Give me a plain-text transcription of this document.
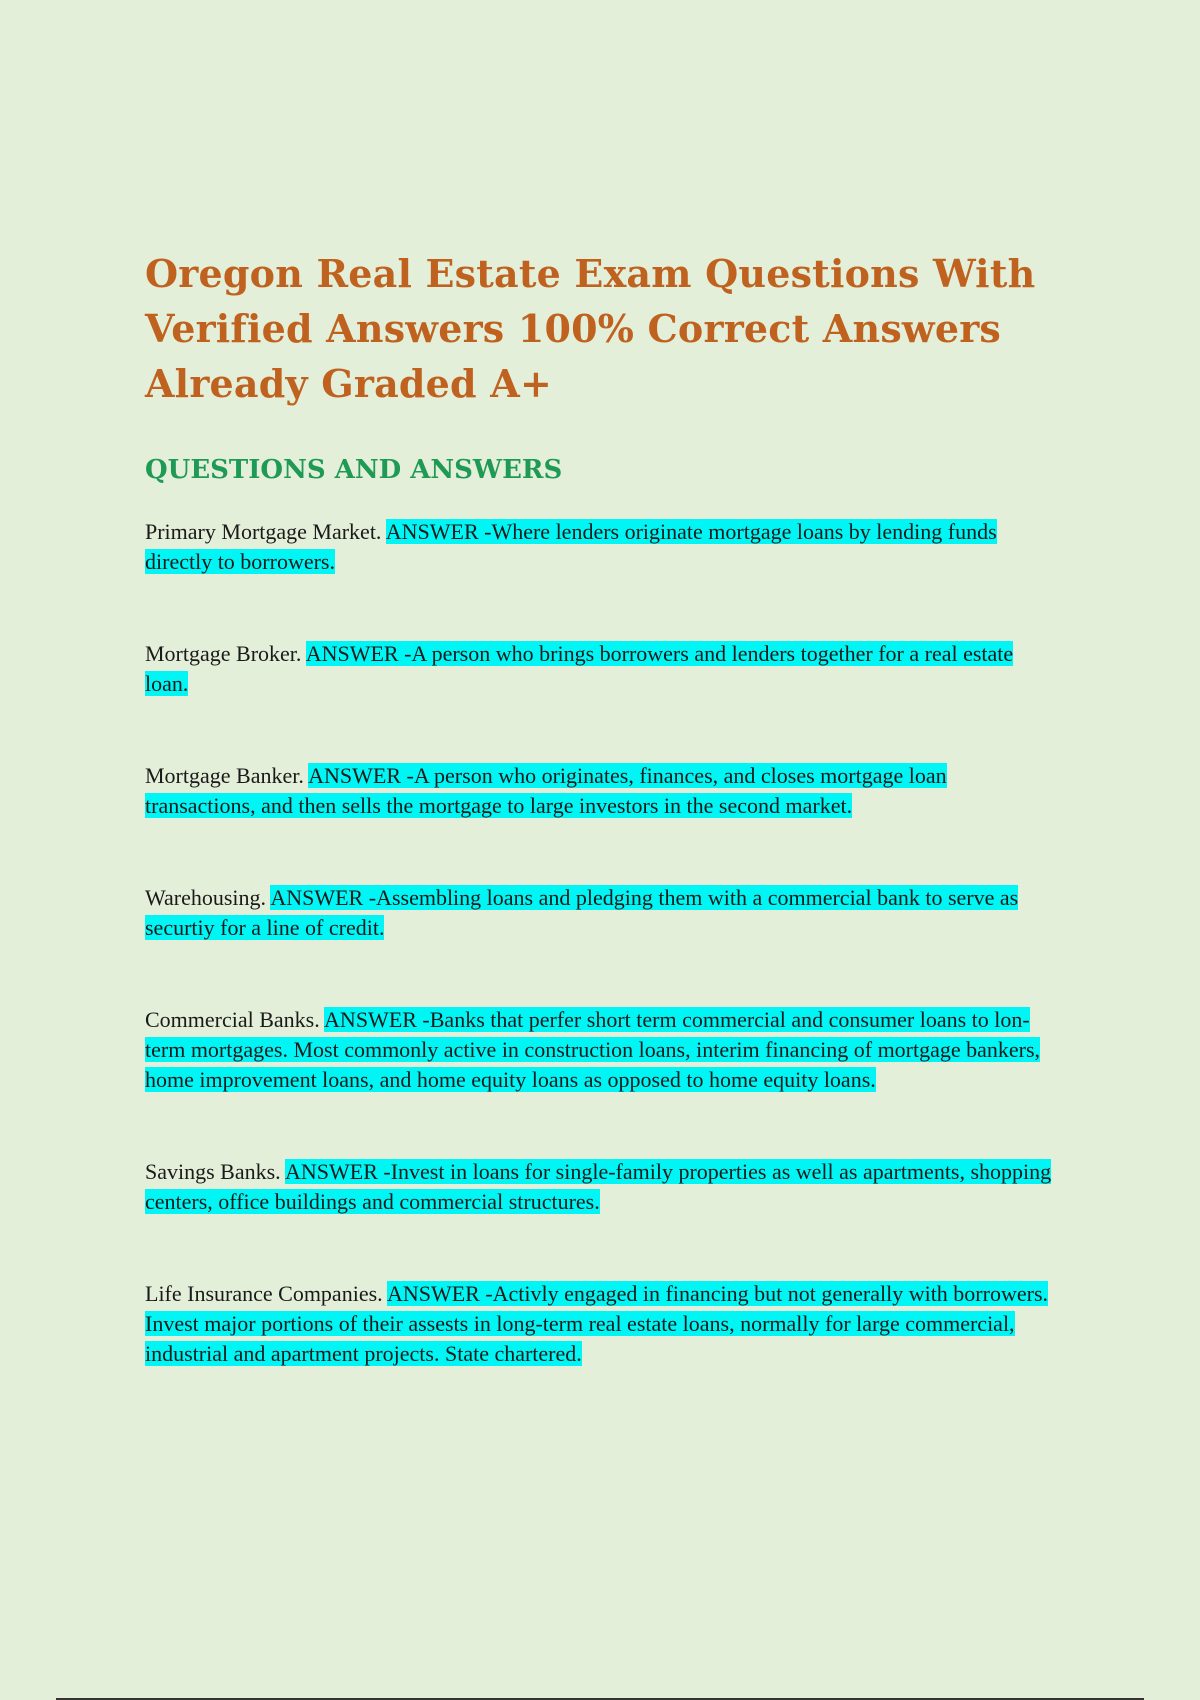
Oregon Real Estate Exam Questions With Verified Answers 100% Correct Answers Already Graded A+
QUESTIONS AND ANSWERS
Primary Mortgage Market. ANSWER -Where lenders originate mortgage loans by lending funds directly to borrowers.
Mortgage Broker. ANSWER -A person who brings borrowers and lenders together for a real estate loan.
Mortgage Banker. ANSWER -A person who originates, finances, and closes mortgage loan transactions, and then sells the mortgage to large investors in the second market.
Warehousing. ANSWER -Assembling loans and pledging them with a commercial bank to serve as securtiy for a line of credit.
Commercial Banks. ANSWER -Banks that perfer short term commercial and consumer loans to lon-term mortgages. Most commonly active in construction loans, interim financing of mortgage bankers, home improvement loans, and home equity loans as opposed to home equity loans.
Savings Banks. ANSWER -Invest in loans for single-family properties as well as apartments, shopping centers, office buildings and commercial structures.
Life Insurance Companies. ANSWER -Activly engaged in financing but not generally with borrowers. Invest major portions of their assests in long-term real estate loans, normally for large commercial, industrial and apartment projects. State chartered.
